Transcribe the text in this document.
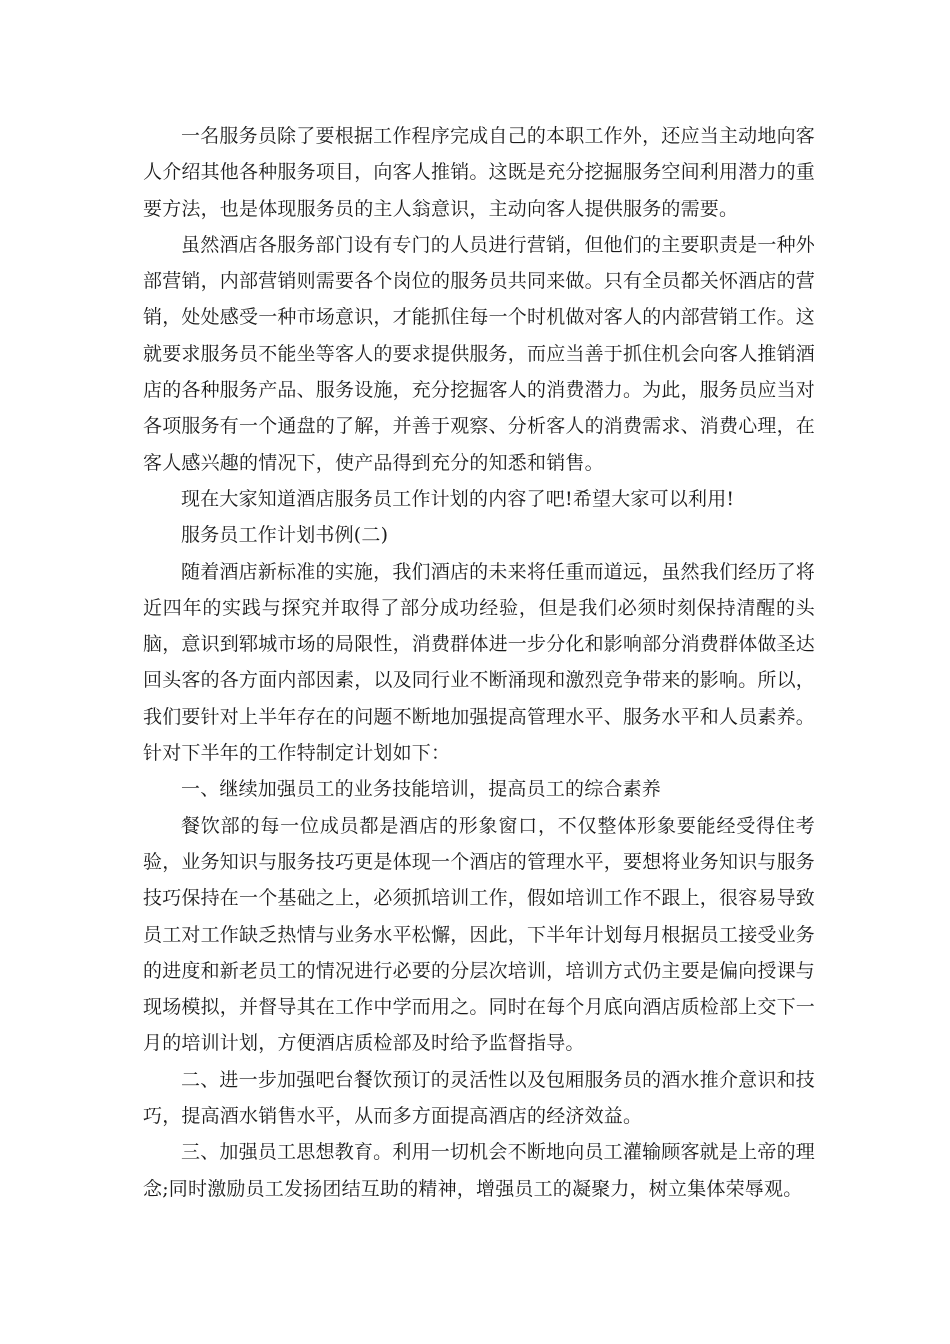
一名服务员除了要根据工作程序完成自己的本职工作外，还应当主动地向客人介绍其他各种服务项目，向客人推销。这既是充分挖掘服务空间利用潜力的重要方法，也是体现服务员的主人翁意识，主动向客人提供服务的需要。

虽然酒店各服务部门设有专门的人员进行营销，但他们的主要职责是一种外部营销，内部营销则需要各个岗位的服务员共同来做。只有全员都关怀酒店的营销，处处感受一种市场意识，才能抓住每一个时机做对客人的内部营销工作。这就要求服务员不能坐等客人的要求提供服务，而应当善于抓住机会向客人推销酒店的各种服务产品、服务设施，充分挖掘客人的消费潜力。为此，服务员应当对各项服务有一个通盘的了解，并善于观察、分析客人的消费需求、消费心理，在客人感兴趣的情况下，使产品得到充分的知悉和销售。

现在大家知道酒店服务员工作计划的内容了吧!希望大家可以利用!

服务员工作计划书例(二)

随着酒店新标准的实施，我们酒店的未来将任重而道远，虽然我们经历了将近四年的实践与探究并取得了部分成功经验，但是我们必须时刻保持清醒的头脑，意识到郓城市场的局限性，消费群体进一步分化和影响部分消费群体做圣达回头客的各方面内部因素，以及同行业不断涌现和激烈竞争带来的影响。所以，我们要针对上半年存在的问题不断地加强提高管理水平、服务水平和人员素养。针对下半年的工作特制定计划如下：

一、继续加强员工的业务技能培训，提高员工的综合素养

餐饮部的每一位成员都是酒店的形象窗口，不仅整体形象要能经受得住考验，业务知识与服务技巧更是体现一个酒店的管理水平，要想将业务知识与服务技巧保持在一个基础之上，必须抓培训工作，假如培训工作不跟上，很容易导致员工对工作缺乏热情与业务水平松懈，因此，下半年计划每月根据员工接受业务的进度和新老员工的情况进行必要的分层次培训，培训方式仍主要是偏向授课与现场模拟，并督导其在工作中学而用之。同时在每个月底向酒店质检部上交下一月的培训计划，方便酒店质检部及时给予监督指导。

二、进一步加强吧台餐饮预订的灵活性以及包厢服务员的酒水推介意识和技巧，提高酒水销售水平，从而多方面提高酒店的经济效益。

三、加强员工思想教育。利用一切机会不断地向员工灌输顾客就是上帝的理念;同时激励员工发扬团结互助的精神，增强员工的凝聚力，树立集体荣辱观。
